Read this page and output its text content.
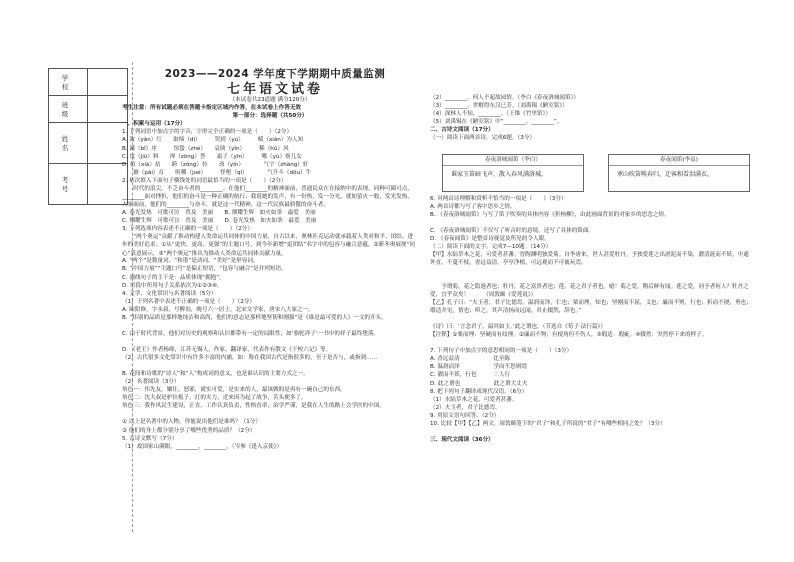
学　校	
班　级	
姓　名	
考　号	
2023——2024 学年度下学期期中质量监测
七年语文试卷

（本试卷共23道题 满分120分）

考生注意：所有试题必须在答题卡指定区域内作答，在本试卷上作答无效

第一部分：选择题（共50分）

一、积累与运用（17分）

1. 下列词语中加点字的字音，字形完全正确的一项是（　　）（2分）

A. 敛（yǎn）红　　取缔（dì）　　　哭到（yú）　　　赋（xián）为人知

B. 鄙（bǐ）序　　　惊蛰（zhé）　　哀恸（yīn）　　　稀（hǔ）风

C. 坟（jiù）料　　禅（zōng）荟　　霜子（yīn）　　　哪（yù）姐儿女

D. 拍（xià）拈　　跨（zǒng）拉　　斋（yīn）　　　　气宇（zhàng）轩

　　搪（pāi）育　　咀嚼（jué）　　　怪壑（qí）　　　　气升斗（dǒu）牛

2. 依次填入下面句子横线处的词语最恰当的一项是（　　）（2分）

　　时代的浪尖，不乏奋斗者的________。在他们________的精神面前，普通民众在在接纳中的表现，同种可圈可点，________面对挫折，他们的奋斗是一种正确的航行；我说她的发声，有一份热，发一分光，就如萤火一般，发光发热，大家面前，他们的________与奋斗，就是这一代精神，这一代民族最骄傲的奋斗者。

A. 卷光发热　可歌可泣　普及　美丽　　B. 烟耀生辉　如火如荼　最爱　美丽

C. 烟耀生辉　可歌可泣　普及　美丽　　D. 卷光发热　如火如荼　最爱　美丽

3. 下列选项内容表述不正确的一项是（　　）（2分）

　　“两个奥运”贡献了推动构建人类命运共同体的中国力量，自古以来，奥林匹克运动就承载着人类对和平、团结、进步的美好追求。①从“更快、更高、更强”的主题口号，到今年新增“更团结”名字中的包容与融合意蕴，②新冬奥展现“同心”真意展示，③“两个奥运”推出为推动人类命运共同体贡献力量。

A. “两个”是数量词，“和谐”是动词，“美好”是形容词。

B. “中国力量”“主题口号”是偏正短语，“包容与融合”是并列短语。

C. 画线句子的主干是：品质体现“拥抱”。

D. 语段中所用句子关系依次为①②③④。

4. 文学、文化常识与名著阅读（5分）

（1）下列名著中表述不正确的一项是（　　）（2分）

A. 欧阳修，字永叔，号醉翁，晚号六一居士，北宋文学家，唐宋八大家之一。

B. “伟别的品质是那样地纯洁和高尚，他们的意志是那样地坚韧和刚强”是《谁是最可爱的人》一文的开头。

C. 由于时代背景，他们对历史的观察和认识都带有一定的局限性，如‘骆驼祥子’一书中的祥子最终堕落。

D. 《老王》作者杨绛，江苏无锡人，作家、翻译家、代表作有散文《干校六记》等。

（2）古代很多文化常识中有许多丰富的内涵。如：称在我国古代是指很多的，至于是否与，或指到……

B. 花间和诗歌的“诗人”和“人”构成词的意义，也是谁认识的主要方式之一。

（2）名著阅读（3分）

角色一：伟先友，嫌仕，怒邪，就实可爱，是实来的人，最该做的是再有一碗自己的东西。

角色二：沈大叔是驴拉板子，扛的夹力，近来因为起了战争，苦头便多了。

角色三：我作风民生建设，正直，工作认真负责，性格直率，治学严谨，是我在人生的路上会学医的中国。

① 以上是名著中的人物，你能说出他们是谁吗？（1分）

② 他们的身上都分别分享了哪些优秀的品质？（2分）

5. 古诗文默写（7分）

（1）故国家山满眼，________，________，（岑参《逢入京使》）

（2）________，何人不起故园情。（李白《春夜洛城闻笛》）

（3）________，世解得东汉已芳。（刘禹锡《陋室铭》）

（4）深林人不知，________。（王维《竹里馆》）

（5）刘禹锡在《陋室铭》中“________，________”。

二、古诗文阅读（17分）

（一）阅读下面两首诗，完成6题。（3分）

6. 对两首诗理解和赏析不恰当的一项是（　　）（3分）

A. 两首诗都与写了客中思乡之情。

B. 《春夜洛城闻笛》与写了笛子吹奏的具体内容《折杨柳》，由此画面背景的对家乡的思念之情。

C. 《春夜洛城闻笛》不仅写了听音时的意境，还写了具体的笛曲。

D. 《春夜闻笛》是整首诗视觉及所见的令人眼。

（二）阅读下面的文字，完成7—10题。（14分）

【甲】水陆草木之花，可爱者甚蕃。晋陶渊明独爱菊。自李唐来，世人甚爱牡丹。予独爱莲之出淤泥而不染，濯清涟而不妖，中通外直，不蔓不枝，香远益清，亭亭净植，可远观而不可亵玩焉。

　　予谓菊，花之隐逸者也；牡丹，花之富贵者也；莲，花之君子者也。噫！菊之爱，陶后鲜有闻。莲之爱，同予者何人？牡丹之爱，宜乎众矣！　　　（周敦颐《爱莲说》）

【乙】孔子曰：“夫玉者，君子比德焉。温润而泽，仁也；栗而理，知也；坚刚而不屈，义也；廉而不刿，行也；折而不挠，勇也；瑕适并见，情也；叩之，其声清扬而远闻，其止辍然，辞也。”

《诗》曰：‘言念君子，温其如玉。’此之谓也。（节选自《荀子·法行篇》）

【注释】①栗而理：坚硬而有纹理。②廉而不刿：有棱角但不伤人。③瑕适：瑕疵。④辍然：突然停下来的样子。

7. 下列句子中加点字的意思相同的一项是（　　）（3分）

A. 香远益清　　　　　　比至陈

B. 温润而泽　　　　　　学而不思则罔

C. 濯而不妖，行也　　　三人行

D. 此之谓也　　　　　　此之谓大丈夫

8. 把下列句子翻译成现代汉语。（6分）

（1）水陆草木之花，可爱者甚蕃。

（2）夫玉者，君子比德焉。

9. 用原文语句回答。（2分）

10. 比较【甲】【乙】两文，周敦颐笔下的“君子”和孔子所说的“君子”有哪些相同之处？（3分）

三、现代文阅读（36分）

春夜洛城闻笛（李白）
谁家玉笛暗飞声，散入春风满洛城。
春夜闻笛(李益)
寒山吹笛唤春归，迁客相看泪满衣。
